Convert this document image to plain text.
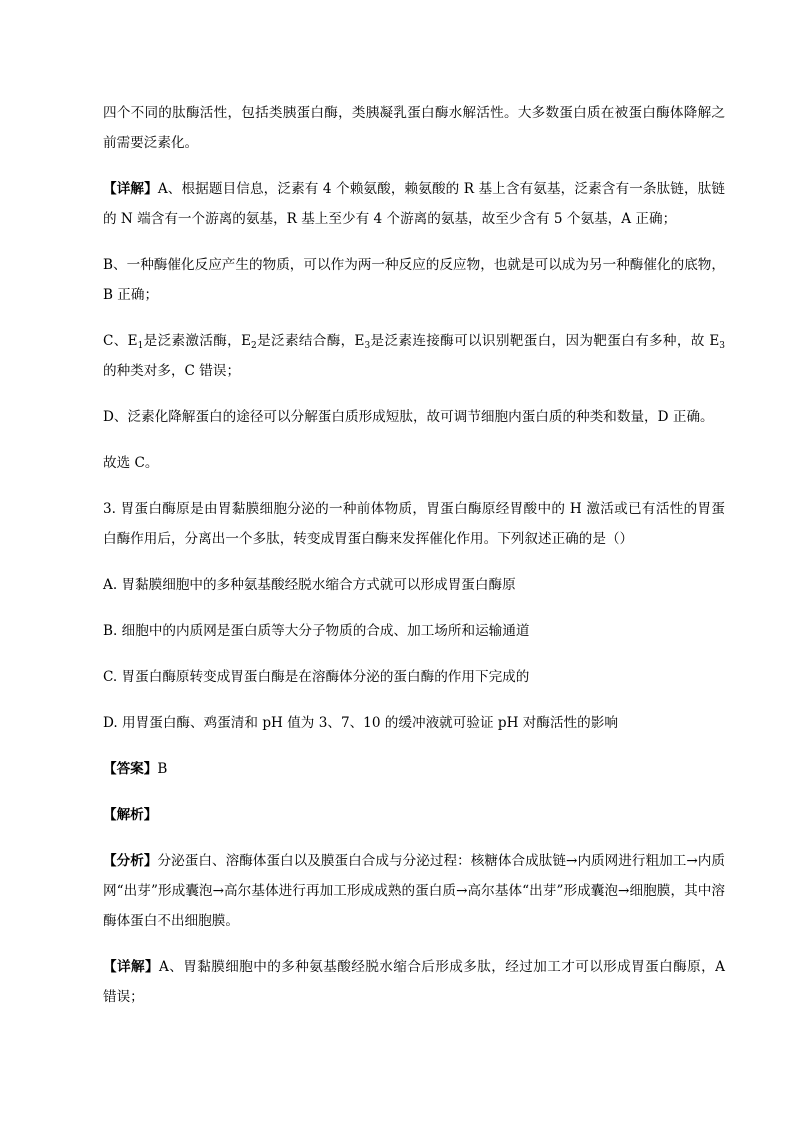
四个不同的肽酶活性，包括类胰蛋白酶，类胰凝乳蛋白酶水解活性。大多数蛋白质在被蛋白酶体降解之前需要泛素化。

【详解】A、根据题目信息，泛素有 4 个赖氨酸，赖氨酸的 R 基上含有氨基，泛素含有一条肽链，肽链的 N 端含有一个游离的氨基，R 基上至少有 4 个游离的氨基，故至少含有 5 个氨基，A 正确；

B、一种酶催化反应产生的物质，可以作为两一种反应的反应物，也就是可以成为另一种酶催化的底物，B 正确；

C、$E_1$是泛素激活酶，$E_2$是泛素结合酶，$E_3$是泛素连接酶可以识别靶蛋白，因为靶蛋白有多种，故 $E_3$ 的种类对多，C 错误；

D、泛素化降解蛋白的途径可以分解蛋白质形成短肽，故可调节细胞内蛋白质的种类和数量，D 正确。

故选 C。

3. 胃蛋白酶原是由胃黏膜细胞分泌的一种前体物质，胃蛋白酶原经胃酸中的 H 激活或已有活性的胃蛋白酶作用后，分离出一个多肽，转变成胃蛋白酶来发挥催化作用。下列叙述正确的是（）

A. 胃黏膜细胞中的多种氨基酸经脱水缩合方式就可以形成胃蛋白酶原

B. 细胞中的内质网是蛋白质等大分子物质的合成、加工场所和运输通道

C. 胃蛋白酶原转变成胃蛋白酶是在溶酶体分泌的蛋白酶的作用下完成的

D. 用胃蛋白酶、鸡蛋清和 pH 值为 3、7、10 的缓冲液就可验证 pH 对酶活性的影响

【答案】B

【解析】

【分析】分泌蛋白、溶酶体蛋白以及膜蛋白合成与分泌过程：核糖体合成肽链→内质网进行粗加工→内质网“出芽”形成囊泡→高尔基体进行再加工形成成熟的蛋白质→高尔基体“出芽”形成囊泡→细胞膜，其中溶酶体蛋白不出细胞膜。

【详解】A、胃黏膜细胞中的多种氨基酸经脱水缩合后形成多肽，经过加工才可以形成胃蛋白酶原，A 错误；
